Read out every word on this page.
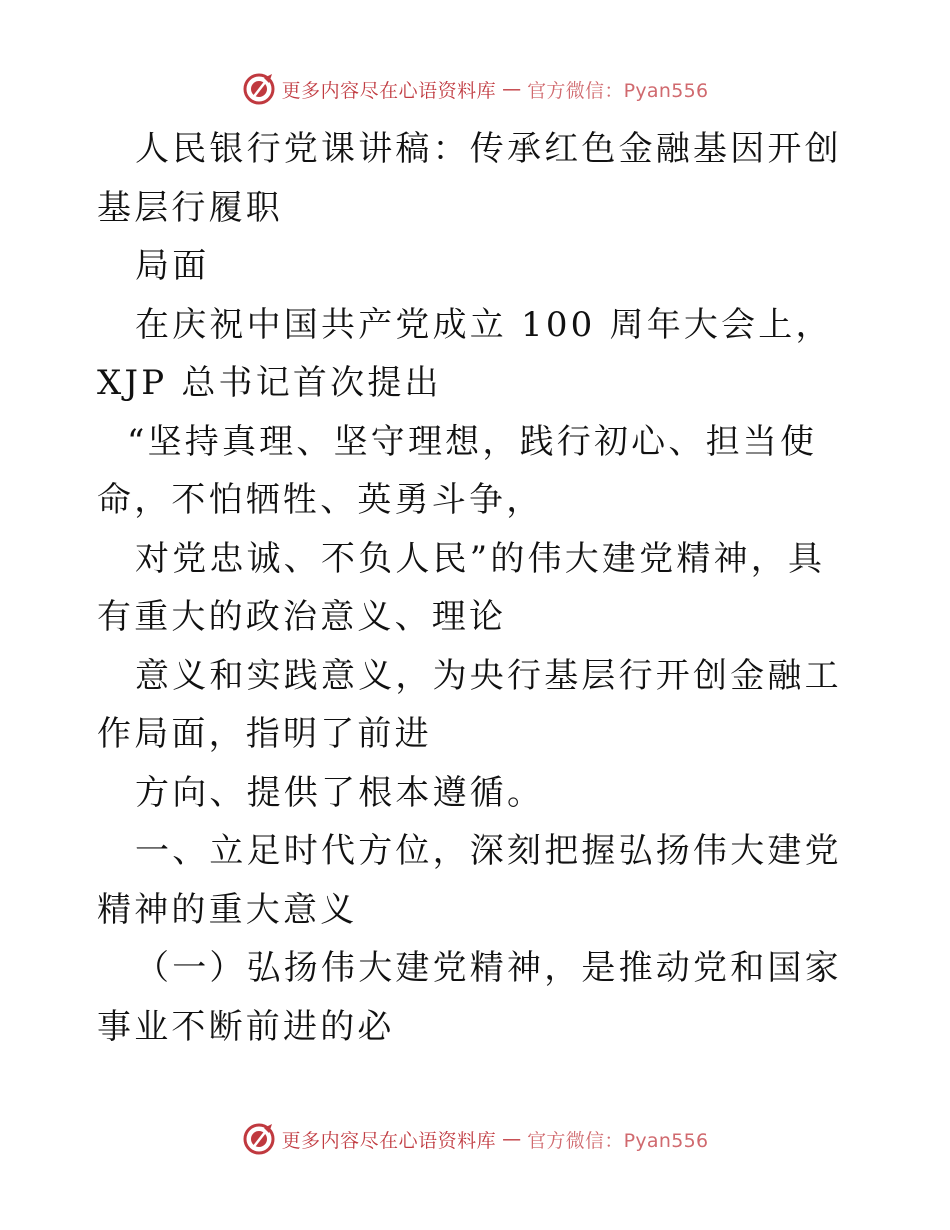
更多内容尽在心语资料库 — 官方微信：Pyan556

人民银行党课讲稿：传承红色金融基因开创基层行履职

局面

在庆祝中国共产党成立 100 周年大会上，XJP 总书记首次提出

“坚持真理、坚守理想，践行初心、担当使命，不怕牺牲、英勇斗争，

对党忠诚、不负人民”的伟大建党精神，具有重大的政治意义、理论

意义和实践意义，为央行基层行开创金融工作局面，指明了前进

方向、提供了根本遵循。

一、立足时代方位，深刻把握弘扬伟大建党精神的重大意义

（一）弘扬伟大建党精神，是推动党和国家事业不断前进的必

更多内容尽在心语资料库 — 官方微信：Pyan556
